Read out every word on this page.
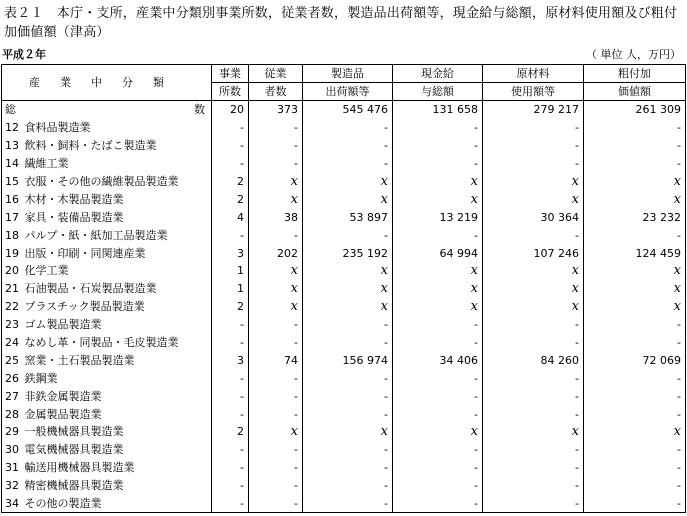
表２１　本庁・支所，産業中分類別事業所数，従業者数，製造品出荷額等，現金給与総額，原材料使用額及び粗付加価値額（津高）
平成２年	（ 単位 人，万円）
産業中分類	事業	従業	製造品	現金給	原材料	粗付加
	所数	者数	出荷額等	与総額	使用額等	価値額

総 数	20	373	545 476	131 658	279 217	261 309
12 食料品製造業	-	-	-	-	-	-
13 飲料・飼料・たばこ製造業	-	-	-	-	-	-
14 繊維工業	-	-	-	-	-	-
15 衣服・その他の繊維製品製造業	2	x	x	x	x	x
16 木材・木製品製造業	2	x	x	x	x	x
17 家具・装備品製造業	4	38	53 897	13 219	30 364	23 232
18 パルプ・紙・紙加工品製造業	-	-	-	-	-	-
19 出版・印刷・同関連産業	3	202	235 192	64 994	107 246	124 459
20 化学工業	1	x	x	x	x	x
21 石油製品・石炭製品製造業	1	x	x	x	x	x
22 プラスチック製品製造業	2	x	x	x	x	x
23 ゴム製品製造業	-	-	-	-	-	-
24 なめし革・同製品・毛皮製造業	-	-	-	-	-	-
25 窯業・土石製品製造業	3	74	156 974	34 406	84 260	72 069
26 鉄鋼業	-	-	-	-	-	-
27 非鉄金属製造業	-	-	-	-	-	-
28 金属製品製造業	-	-	-	-	-	-
29 一般機械器具製造業	2	x	x	x	x	x
30 電気機械器具製造業	-	-	-	-	-	-
31 輸送用機械器具製造業	-	-	-	-	-	-
32 精密機械器具製造業	-	-	-	-	-	-
34 その他の製造業	-	-	-	-	-	-
